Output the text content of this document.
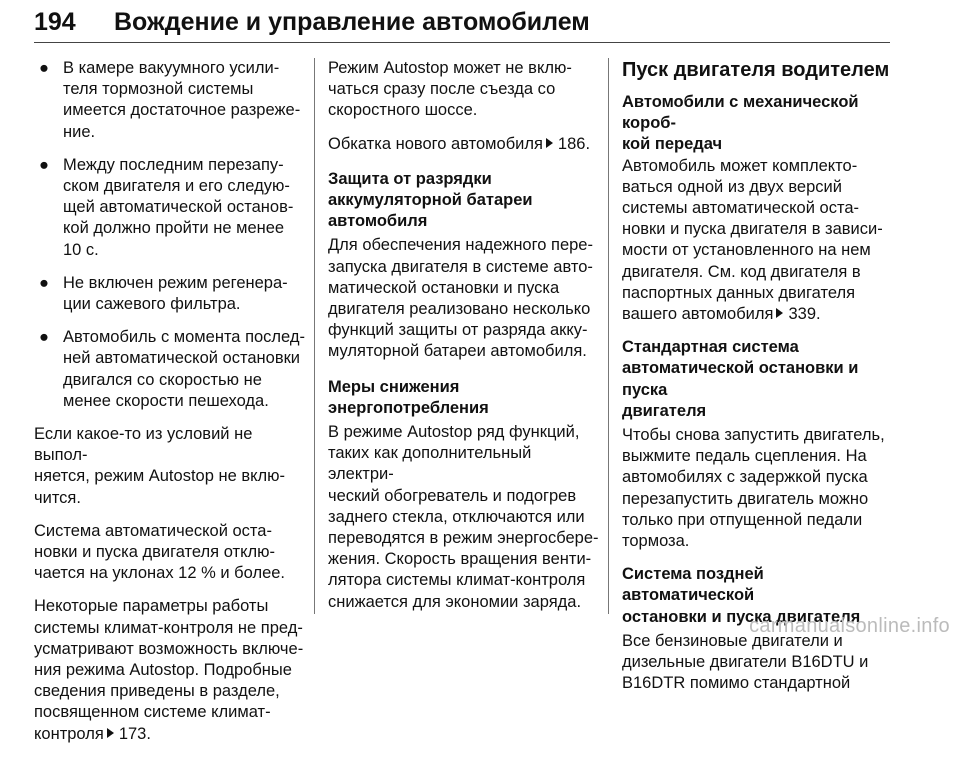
194 Вождение и управление автомобилем
● В камере вакуумного усили-
теля тормозной системы
имеется достаточное разреже-
ние.
● Между последним перезапу-
ском двигателя и его следую-
щей автоматической останов-
кой должно пройти не менее
10 с.
● Не включен режим регенера-
ции сажевого фильтра.
● Автомобиль с момента послед-
ней автоматической остановки
двигался со скоростью не
менее скорости пешехода.

Если какое-то из условий не выпол-
няется, режим Autostop не вклю-
чится.

Система автоматической оста-
новки и пуска двигателя отклю-
чается на уклонах 12 % и более.

Некоторые параметры работы
системы климат-контроля не пред-
усматривают возможность включе-
ния режима Autostop. Подробные
сведения приведены в разделе,
посвященном системе климат-
контроля 173.

Режим Autostop может не вклю-
чаться сразу после съезда со
скоростного шоссе.

Обкатка нового автомобиля 186.

Защита от разрядки
аккумуляторной батареи
автомобиля

Для обеспечения надежного пере-
запуска двигателя в системе авто-
матической остановки и пуска
двигателя реализовано несколько
функций защиты от разряда акку-
муляторной батареи автомобиля.

Меры снижения
энергопотребления

В режиме Autostop ряд функций,
таких как дополнительный электри-
ческий обогреватель и подогрев
заднего стекла, отключаются или
переводятся в режим энергосбере-
жения. Скорость вращения венти-
лятора системы климат-контроля
снижается для экономии заряда.

Пуск двигателя водителем
Автомобили с механической короб-
кой передач

Автомобиль может комплекто-
ваться одной из двух версий
системы автоматической оста-
новки и пуска двигателя в зависи-
мости от установленного на нем
двигателя. См. код двигателя в
паспортных данных двигателя
вашего автомобиля 339.

Стандартная система
автоматической остановки и пуска
двигателя

Чтобы снова запустить двигатель,
выжмите педаль сцепления. На
автомобилях с задержкой пуска
перезапустить двигатель можно
только при отпущенной педали
тормоза.

Система поздней автоматической
остановки и пуска двигателя

Все бензиновые двигатели и
дизельные двигатели B16DTU и
B16DTR помимо стандартной

carmanualsonline.info
